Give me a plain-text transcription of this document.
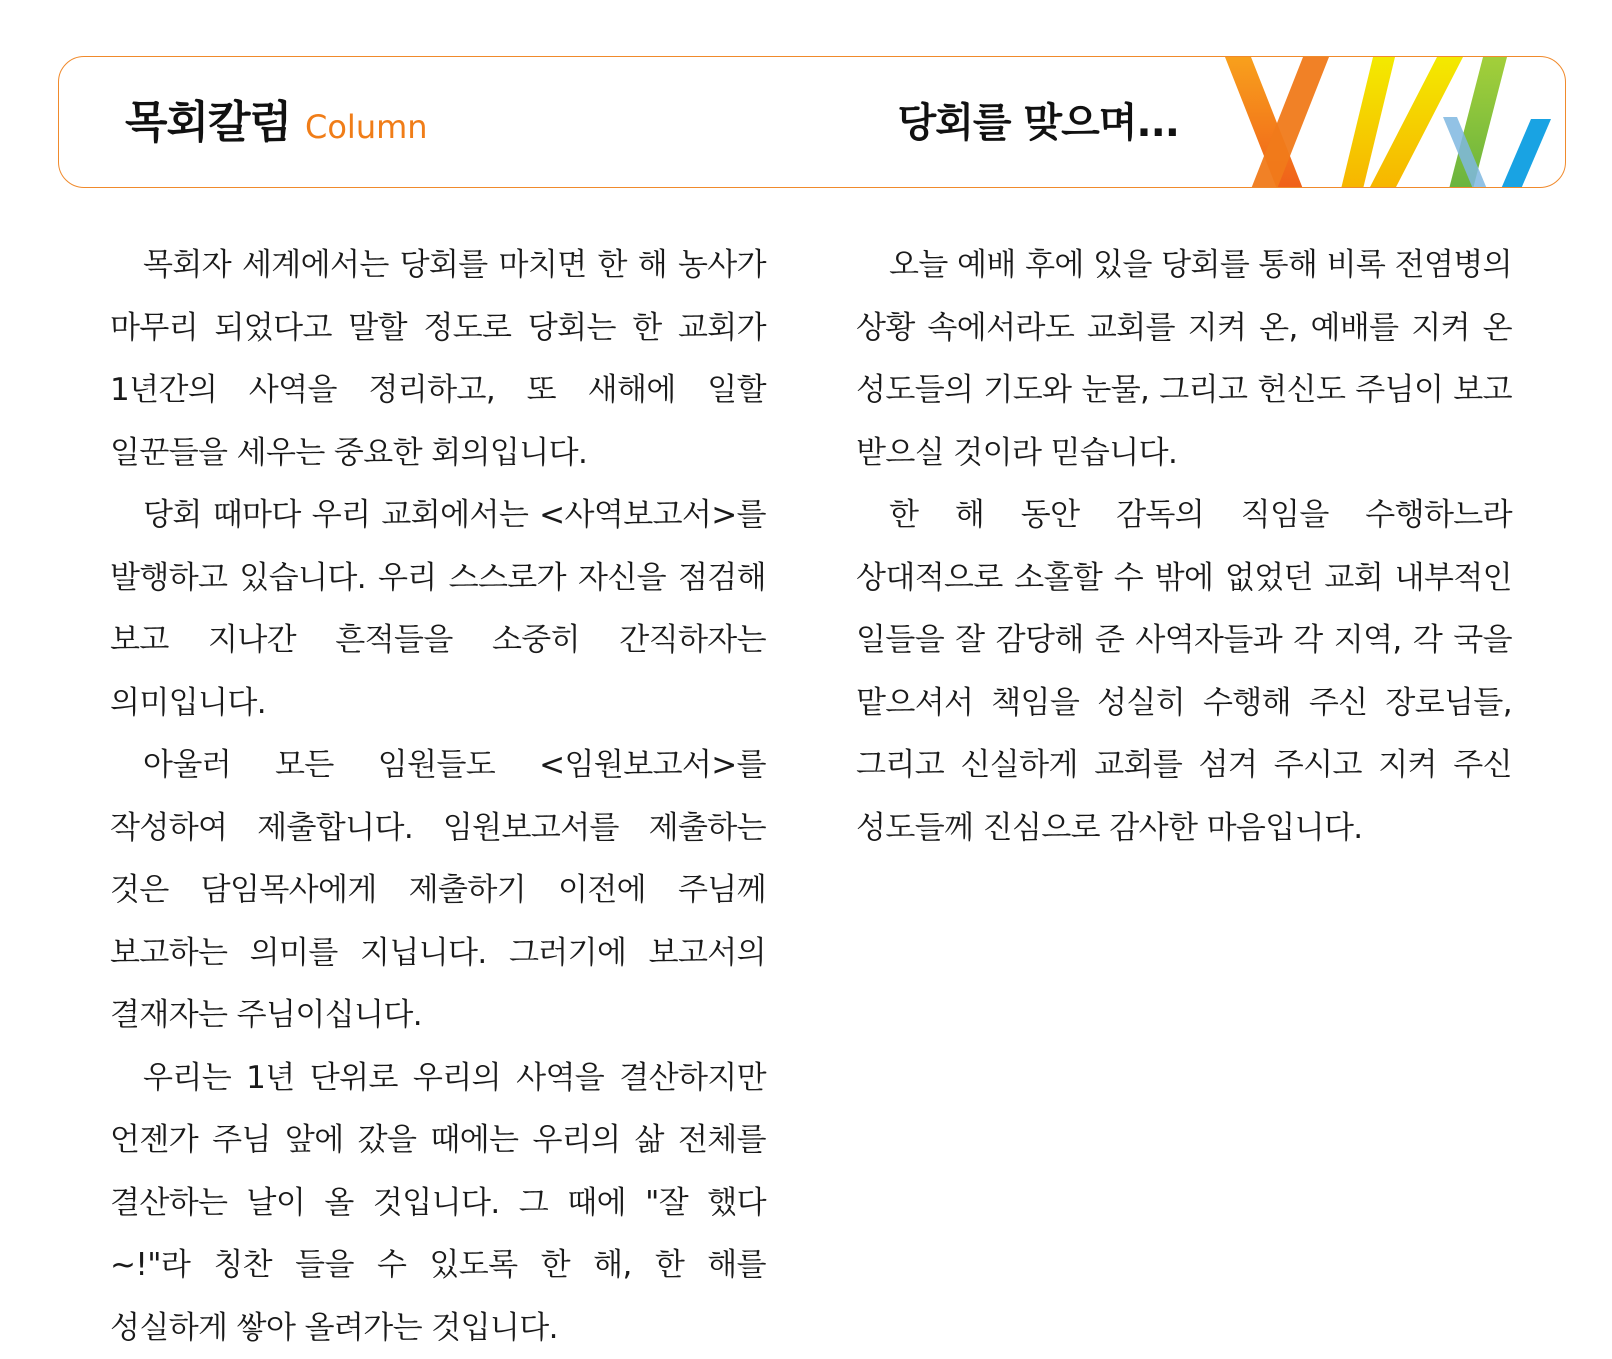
목회칼럼 Column	당회를 맞으며...

목회자 세계에서는 당회를 마치면 한 해 농사가 마무리 되었다고 말할 정도로 당회는 한 교회가 1년간의 사역을 정리하고, 또 새해에 일할 일꾼들을 세우는 중요한 회의입니다.

당회 때마다 우리 교회에서는 <사역보고서>를 발행하고 있습니다. 우리 스스로가 자신을 점검해 보고 지나간 흔적들을 소중히 간직하자는 의미입니다.

아울러 모든 임원들도 <임원보고서>를 작성하여 제출합니다. 임원보고서를 제출하는 것은 담임목사에게 제출하기 이전에 주님께 보고하는 의미를 지닙니다. 그러기에 보고서의 결재자는 주님이십니다.

우리는 1년 단위로 우리의 사역을 결산하지만 언젠가 주님 앞에 갔을 때에는 우리의 삶 전체를 결산하는 날이 올 것입니다. 그 때에 "잘 했다~!"라 칭찬 들을 수 있도록 한 해, 한 해를 성실하게 쌓아 올려가는 것입니다.

오늘 예배 후에 있을 당회를 통해 비록 전염병의 상황 속에서라도 교회를 지켜 온, 예배를 지켜 온 성도들의 기도와 눈물, 그리고 헌신도 주님이 보고 받으실 것이라 믿습니다.

한 해 동안 감독의 직임을 수행하느라 상대적으로 소홀할 수 밖에 없었던 교회 내부적인 일들을 잘 감당해 준 사역자들과 각 지역, 각 국을 맡으셔서 책임을 성실히 수행해 주신 장로님들, 그리고 신실하게 교회를 섬겨 주시고 지켜 주신 성도들께 진심으로 감사한 마음입니다.
